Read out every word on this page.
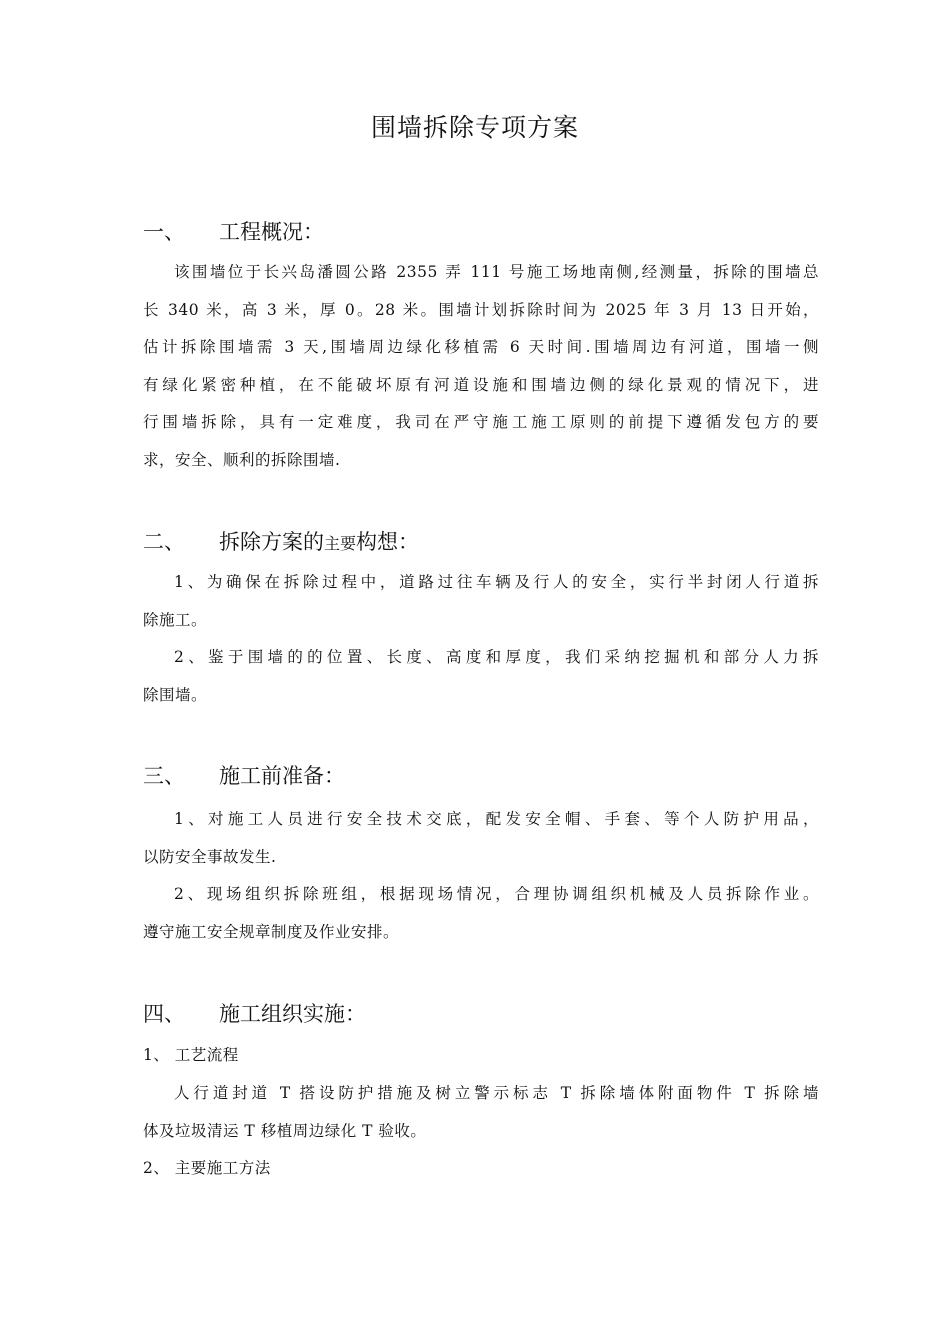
围墙拆除专项方案
一、 工程概况：
该围墙位于长兴岛潘圆公路 2355 弄 111 号施工场地南侧,经测量，拆除的围墙总
长 340 米，高 3 米，厚 0。28 米。围墙计划拆除时间为 2025 年 3 月 13 日开始，
估计拆除围墙需 3 天,围墙周边绿化移植需 6 天时间.围墙周边有河道，围墙一侧
有绿化紧密种植，在不能破坏原有河道设施和围墙边侧的绿化景观的情况下，进
行围墙拆除，具有一定难度，我司在严守施工施工原则的前提下遵循发包方的要
求，安全、顺利的拆除围墙.
二、 拆除方案的主要构想：
1、为确保在拆除过程中，道路过往车辆及行人的安全，实行半封闭人行道拆
除施工。
2、鉴于围墙的的位置、长度、高度和厚度，我们采纳挖掘机和部分人力拆
除围墙。
三、 施工前准备：
1、对施工人员进行安全技术交底，配发安全帽、手套、等个人防护用品，
以防安全事故发生.
2、现场组织拆除班组，根据现场情况，合理协调组织机械及人员拆除作业。
遵守施工安全规章制度及作业安排。
四、 施工组织实施：
1、 工艺流程
人行道封道 T 搭设防护措施及树立警示标志 T 拆除墙体附面物件 T 拆除墙
体及垃圾清运 T 移植周边绿化 T 验收。
2、 主要施工方法
